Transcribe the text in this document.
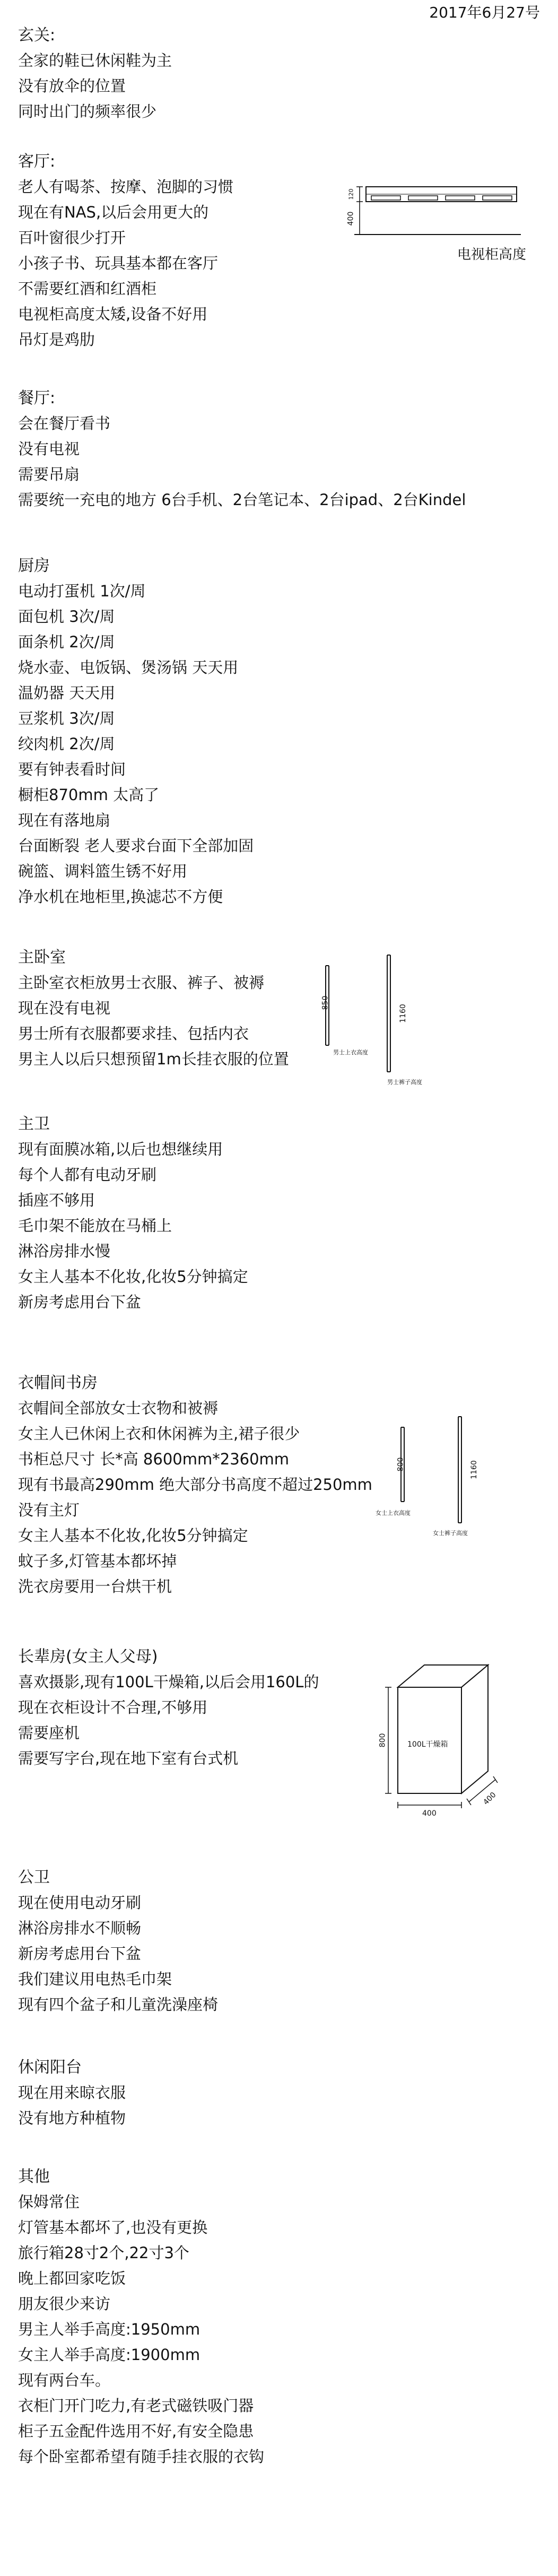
2017年6月27号
玄关:
全家的鞋已休闲鞋为主
没有放伞的位置
同时出门的频率很少
客厅:
老人有喝茶、按摩、泡脚的习惯
现在有NAS,以后会用更大的
百叶窗很少打开
小孩子书、玩具基本都在客厅
不需要红酒和红酒柜
电视柜高度太矮,设备不好用
吊灯是鸡肋
餐厅:
会在餐厅看书
没有电视
需要吊扇
需要统一充电的地方 6台手机、2台笔记本、2台ipad、2台Kindel
厨房
电动打蛋机 1次/周
面包机 3次/周
面条机 2次/周
烧水壶、电饭锅、煲汤锅 天天用
温奶器 天天用
豆浆机 3次/周
绞肉机 2次/周
要有钟表看时间
橱柜870mm 太高了
现在有落地扇
台面断裂 老人要求台面下全部加固
碗篮、调料篮生锈不好用
净水机在地柜里,换滤芯不方便
主卧室
主卧室衣柜放男士衣服、裤子、被褥
现在没有电视
男士所有衣服都要求挂、包括内衣
男主人以后只想预留1m长挂衣服的位置
主卫
现有面膜冰箱,以后也想继续用
每个人都有电动牙刷
插座不够用
毛巾架不能放在马桶上
淋浴房排水慢
女主人基本不化妆,化妆5分钟搞定
新房考虑用台下盆
衣帽间书房
衣帽间全部放女士衣物和被褥
女主人已休闲上衣和休闲裤为主,裙子很少
书柜总尺寸 长*高 8600mm*2360mm
现有书最高290mm 绝大部分书高度不超过250mm
没有主灯
女主人基本不化妆,化妆5分钟搞定
蚊子多,灯管基本都坏掉
洗衣房要用一台烘干机
长辈房(女主人父母)
喜欢摄影,现有100L干燥箱,以后会用160L的
现在衣柜设计不合理,不够用
需要座机
需要写字台,现在地下室有台式机
公卫
现在使用电动牙刷
淋浴房排水不顺畅
新房考虑用台下盆
我们建议用电热毛巾架
现有四个盆子和儿童洗澡座椅
休闲阳台
现在用来晾衣服
没有地方种植物
其他
保姆常住
灯管基本都坏了,也没有更换
旅行箱28寸2个,22寸3个
晚上都回家吃饭
朋友很少来访
男主人举手高度:1950mm
女主人举手高度:1900mm
现有两台车。
衣柜门开门吃力,有老式磁铁吸门器
柜子五金配件选用不好,有安全隐患
每个卧室都希望有随手挂衣服的衣钩
120
400
电视柜高度
850
1160
男士上衣高度
男士裤子高度
800	1160
女士上衣高度
女士裤子高度
100L干燥箱
800
400
400
